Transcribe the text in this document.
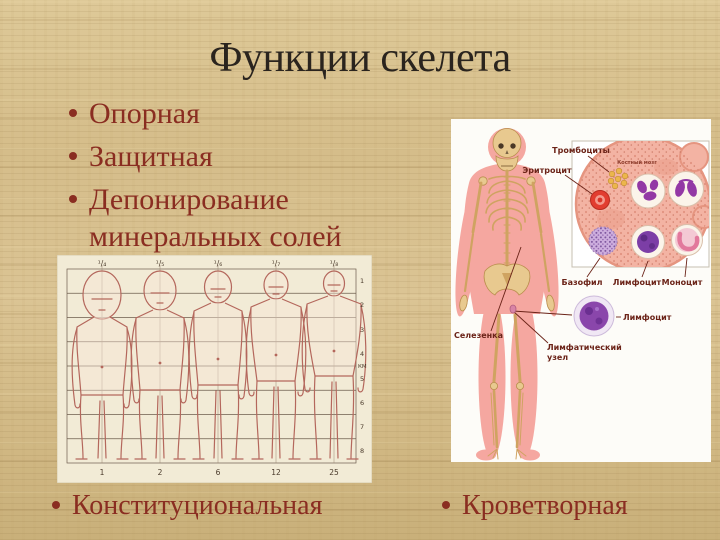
Функции скелета
Опорная
Защитная
Депонирование минеральных солей
¹/₄	¹/₅	¹/₆	¹/₇	¹/₈
1
2
3
4
КМ
5
6
7
8
1	2	6	12	25
Костный мозг
Тромбоциты
Эритроцит
Базофил Лимфоцит Моноцит
Лимфоцит
Селезенка
Лимфатический
узел
Конституциональная	Кроветворная
